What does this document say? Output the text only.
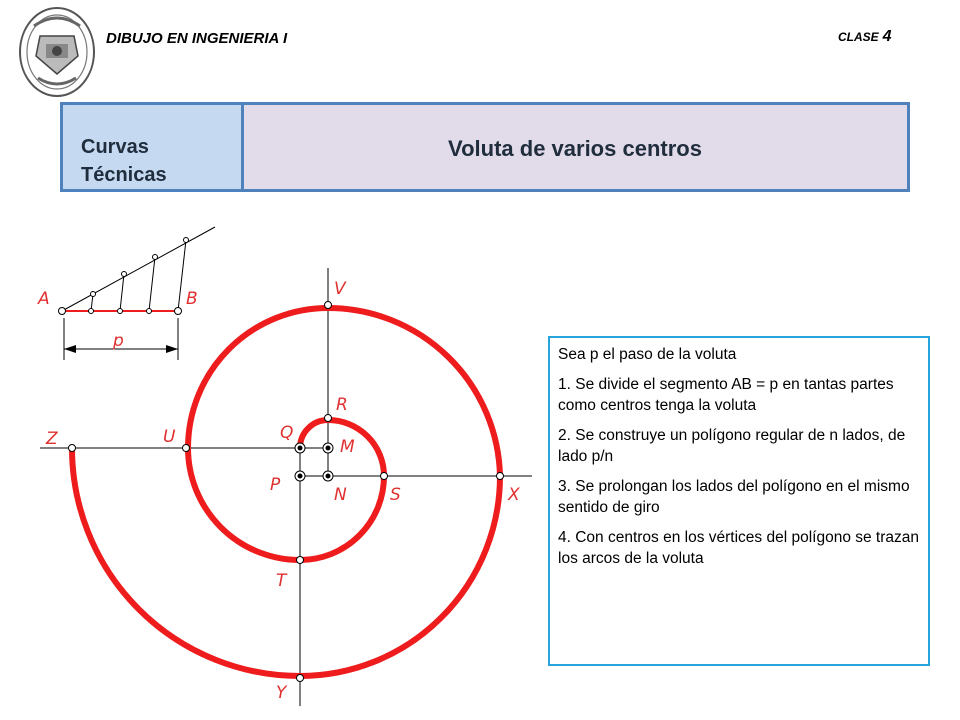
DIBUJO EN INGENIERIA I	CLASE 4
Curvas
Técnicas
Voluta de varios centros
A	B
p
V
R
Q
M
Z	U
P	N	S	X
T
Y
Sea p el paso de la voluta
1. Se divide el segmento AB = p en tantas partes como centros tenga la voluta
2. Se construye un polígono regular de n lados, de lado p/n
3. Se prolongan los lados del polígono en el mismo sentido de giro
4. Con centros en los vértices del polígono se trazan los arcos de la voluta
